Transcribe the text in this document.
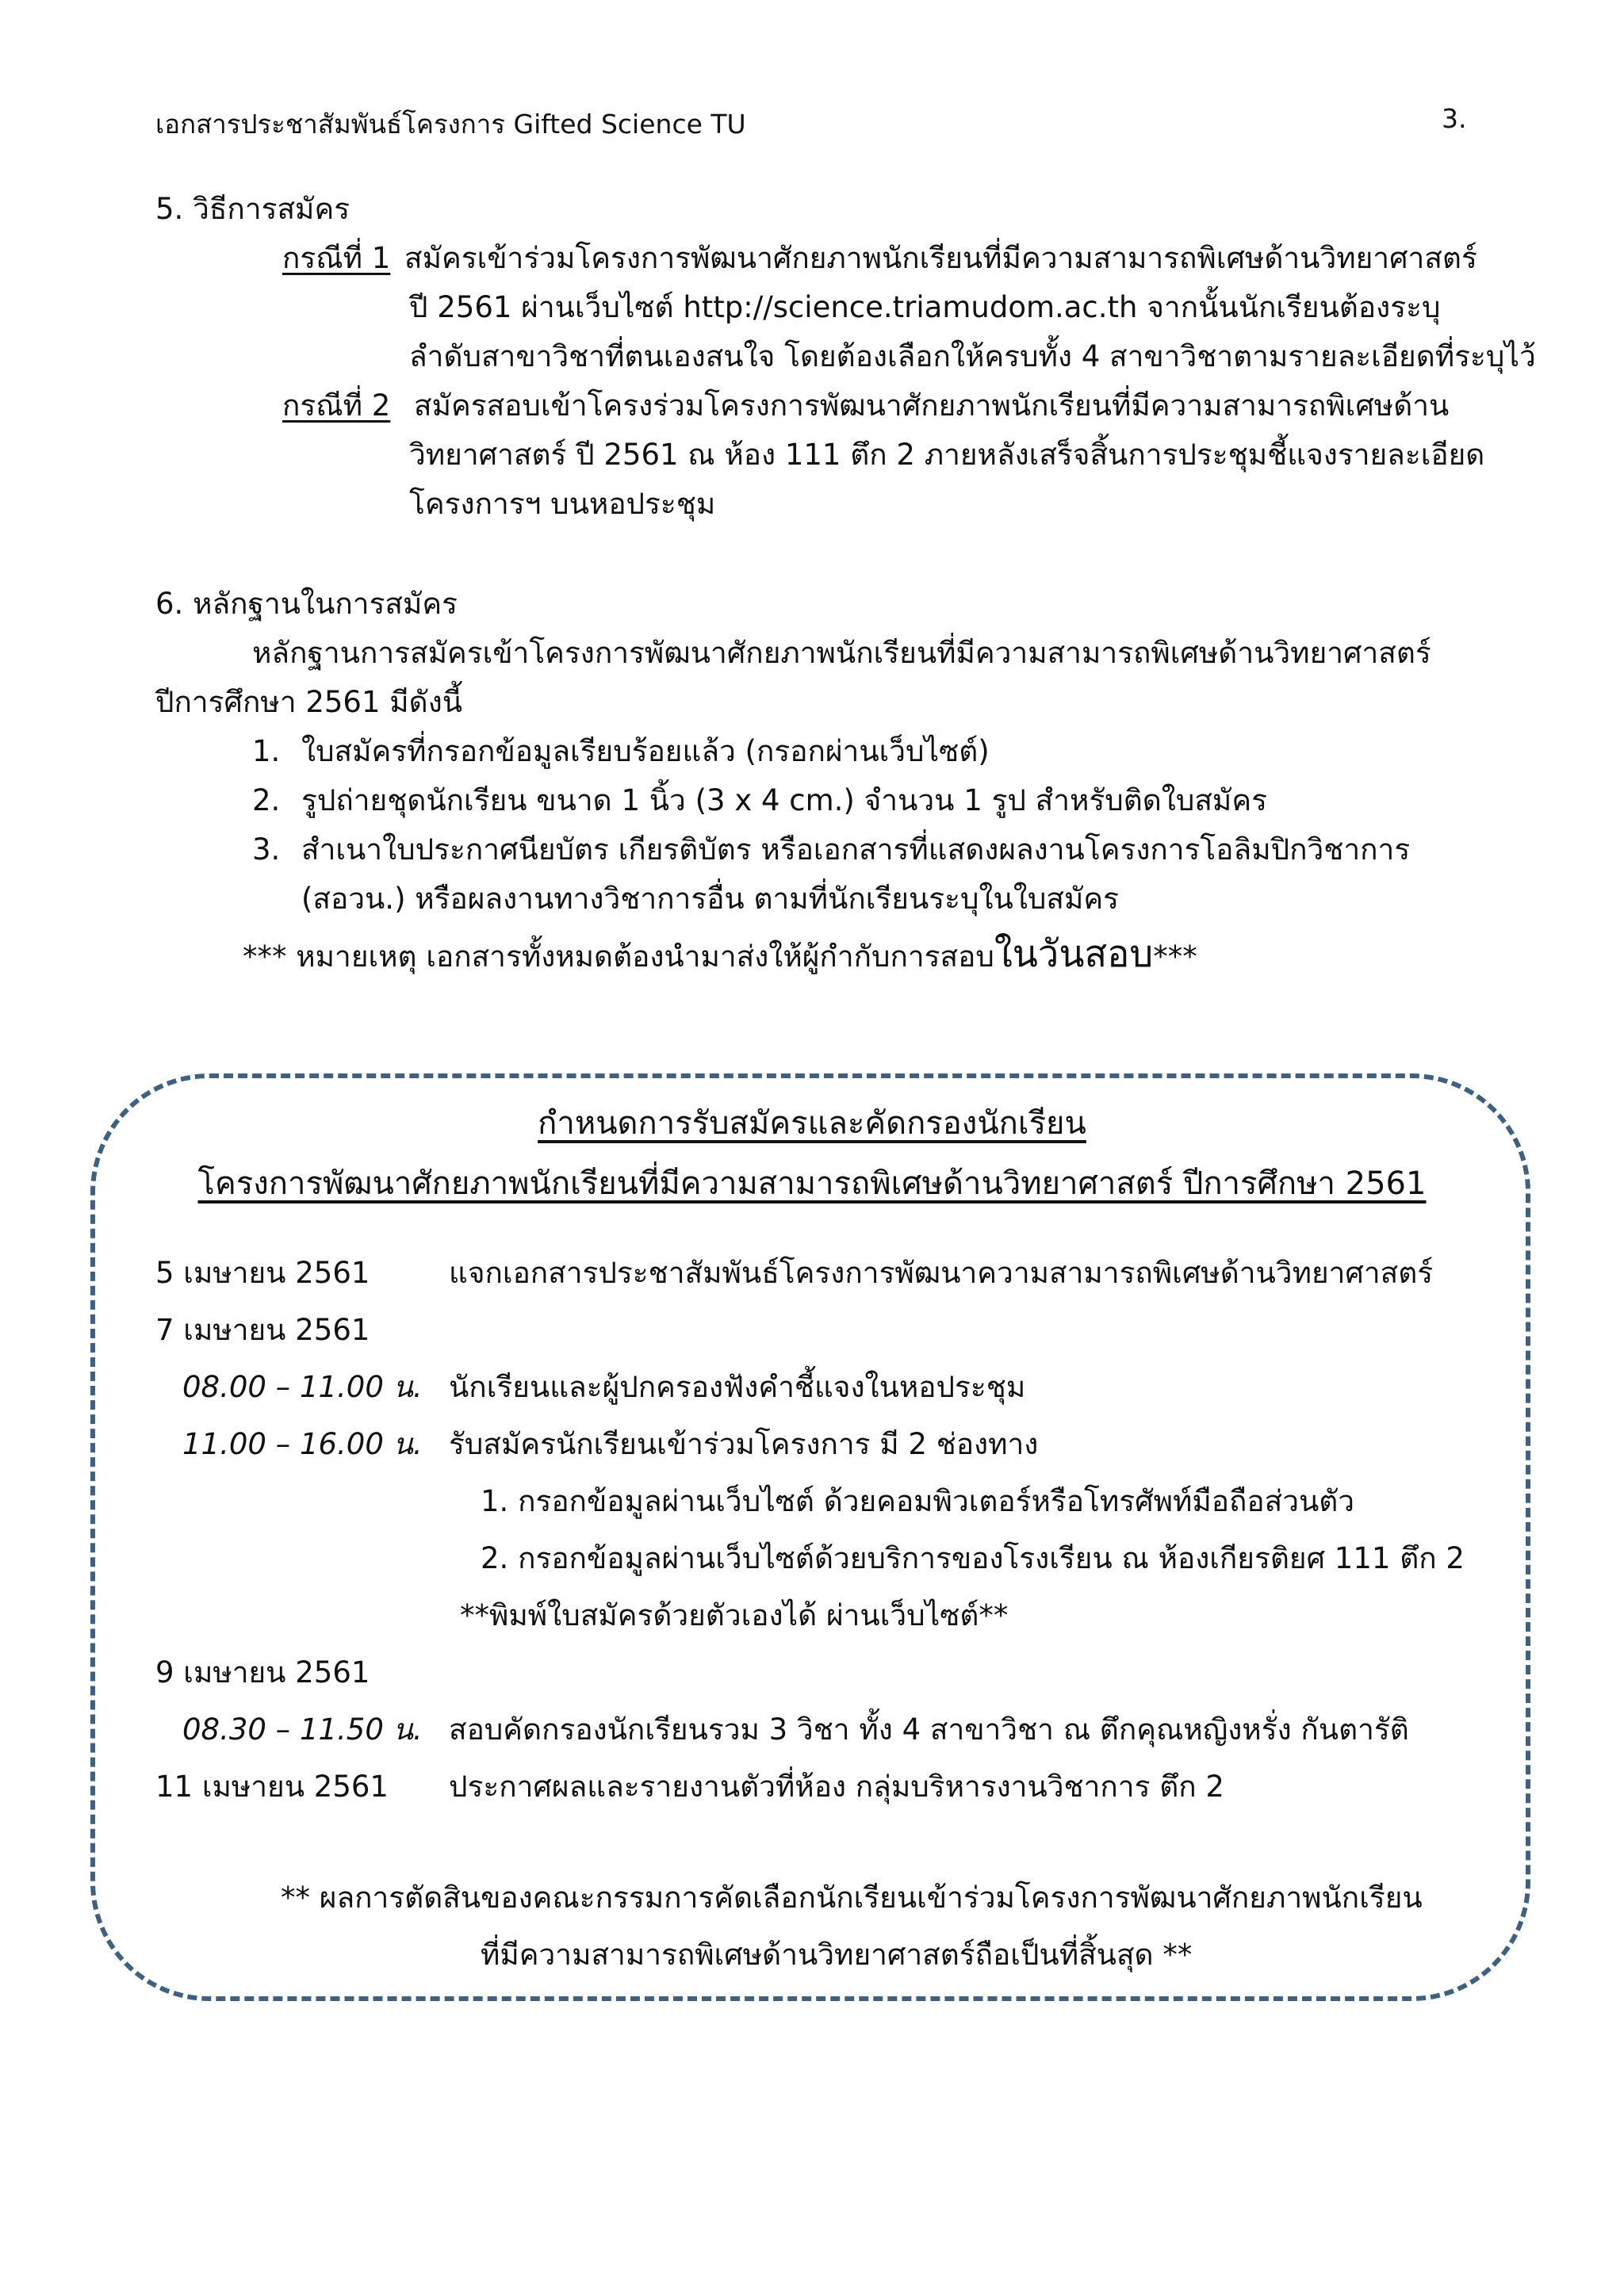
เอกสารประชาสัมพันธ์โครงการ Gifted Science TU	3.
5. วิธีการสมัคร
กรณีที่ 1 สมัครเข้าร่วมโครงการพัฒนาศักยภาพนักเรียนที่มีความสามารถพิเศษด้านวิทยาศาสตร์
ปี 2561 ผ่านเว็บไซต์ http://science.triamudom.ac.th จากนั้นนักเรียนต้องระบุ
ลำดับสาขาวิชาที่ตนเองสนใจ โดยต้องเลือกให้ครบทั้ง 4 สาขาวิชาตามรายละเอียดที่ระบุไว้
กรณีที่ 2 สมัครสอบเข้าโครงร่วมโครงการพัฒนาศักยภาพนักเรียนที่มีความสามารถพิเศษด้าน
วิทยาศาสตร์ ปี 2561 ณ ห้อง 111 ตึก 2 ภายหลังเสร็จสิ้นการประชุมชี้แจงรายละเอียด
โครงการฯ บนหอประชุม
6. หลักฐานในการสมัคร
หลักฐานการสมัครเข้าโครงการพัฒนาศักยภาพนักเรียนที่มีความสามารถพิเศษด้านวิทยาศาสตร์
ปีการศึกษา 2561 มีดังนี้
1. ใบสมัครที่กรอกข้อมูลเรียบร้อยแล้ว (กรอกผ่านเว็บไซต์)
2. รูปถ่ายชุดนักเรียน ขนาด 1 นิ้ว (3 x 4 cm.) จำนวน 1 รูป สำหรับติดใบสมัคร
3. สำเนาใบประกาศนียบัตร เกียรติบัตร หรือเอกสารที่แสดงผลงานโครงการโอลิมปิกวิชาการ
(สอวน.) หรือผลงานทางวิชาการอื่น ตามที่นักเรียนระบุในใบสมัคร
*** หมายเหตุ เอกสารทั้งหมดต้องนำมาส่งให้ผู้กำกับการสอบในวันสอบ***
กำหนดการรับสมัครและคัดกรองนักเรียน
โครงการพัฒนาศักยภาพนักเรียนที่มีความสามารถพิเศษด้านวิทยาศาสตร์ ปีการศึกษา 2561
5 เมษายน 2561	แจกเอกสารประชาสัมพันธ์โครงการพัฒนาความสามารถพิเศษด้านวิทยาศาสตร์
7 เมษายน 2561
08.00 – 11.00 น. นักเรียนและผู้ปกครองฟังคำชี้แจงในหอประชุม
11.00 – 16.00 น. รับสมัครนักเรียนเข้าร่วมโครงการ มี 2 ช่องทาง
1. กรอกข้อมูลผ่านเว็บไซต์ ด้วยคอมพิวเตอร์หรือโทรศัพท์มือถือส่วนตัว
2. กรอกข้อมูลผ่านเว็บไซต์ด้วยบริการของโรงเรียน ณ ห้องเกียรติยศ 111 ตึก 2
**พิมพ์ใบสมัครด้วยตัวเองได้ ผ่านเว็บไซต์**
9 เมษายน 2561
08.30 – 11.50 น. สอบคัดกรองนักเรียนรวม 3 วิชา ทั้ง 4 สาขาวิชา ณ ตึกคุณหญิงหรั่ง กันตารัติ
11 เมษายน 2561 ประกาศผลและรายงานตัวที่ห้อง กลุ่มบริหารงานวิชาการ ตึก 2
** ผลการตัดสินของคณะกรรมการคัดเลือกนักเรียนเข้าร่วมโครงการพัฒนาศักยภาพนักเรียน
ที่มีความสามารถพิเศษด้านวิทยาศาสตร์ถือเป็นที่สิ้นสุด **
